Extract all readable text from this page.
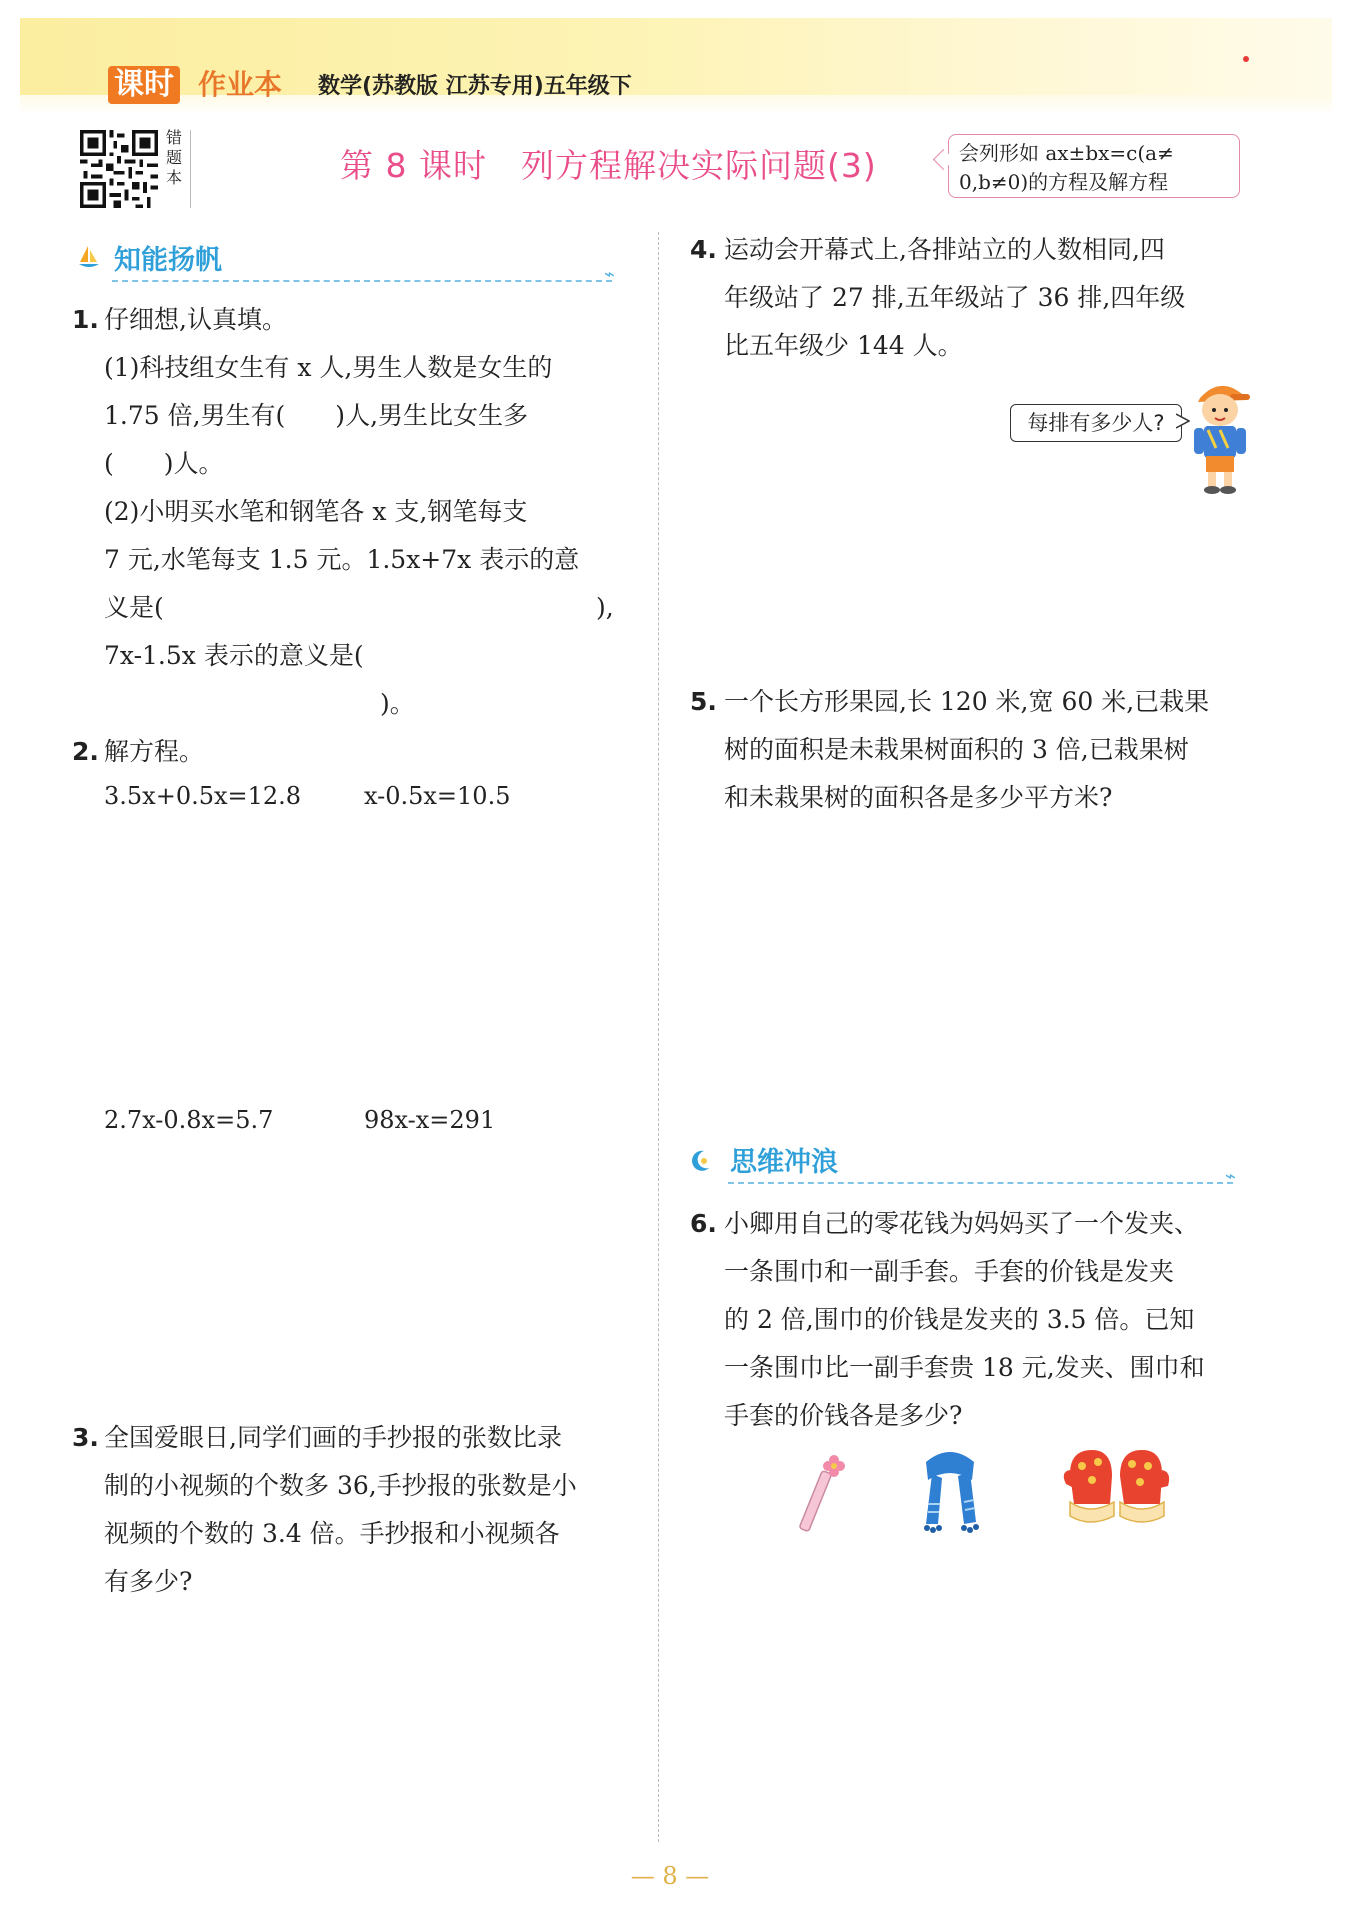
课时 作业本 数学(苏教版 江苏专用)五年级下
错题本	第 8 课时　列方程解决实际问题(3)	会列形如 ax±bx=c(a≠
0,b≠0)的方程及解方程
知能扬帆	⌁
1. 仔细想,认真填。
(1)科技组女生有 x 人,男生人数是女生的
1.75 倍,男生有(　　)人,男生比女生多
(　　)人。
(2)小明买水笔和钢笔各 x 支,钢笔每支
7 元,水笔每支 1.5 元。1.5x+7x 表示的意
义是(	),
7x-1.5x 表示的意义是(
)。
2. 解方程。
3.5x+0.5x=12.8	x-0.5x=10.5
2.7x-0.8x=5.7	98x-x=291
3. 全国爱眼日,同学们画的手抄报的张数比录
制的小视频的个数多 36,手抄报的张数是小
视频的个数的 3.4 倍。手抄报和小视频各
有多少?
4. 运动会开幕式上,各排站立的人数相同,四
年级站了 27 排,五年级站了 36 排,四年级
比五年级少 144 人。
每排有多少人?
5. 一个长方形果园,长 120 米,宽 60 米,已栽果
树的面积是未栽果树面积的 3 倍,已栽果树
和未栽果树的面积各是多少平方米?
思维冲浪	⌁
6. 小卿用自己的零花钱为妈妈买了一个发夹、
一条围巾和一副手套。手套的价钱是发夹
的 2 倍,围巾的价钱是发夹的 3.5 倍。已知
一条围巾比一副手套贵 18 元,发夹、围巾和
手套的价钱各是多少?
— 8 —
